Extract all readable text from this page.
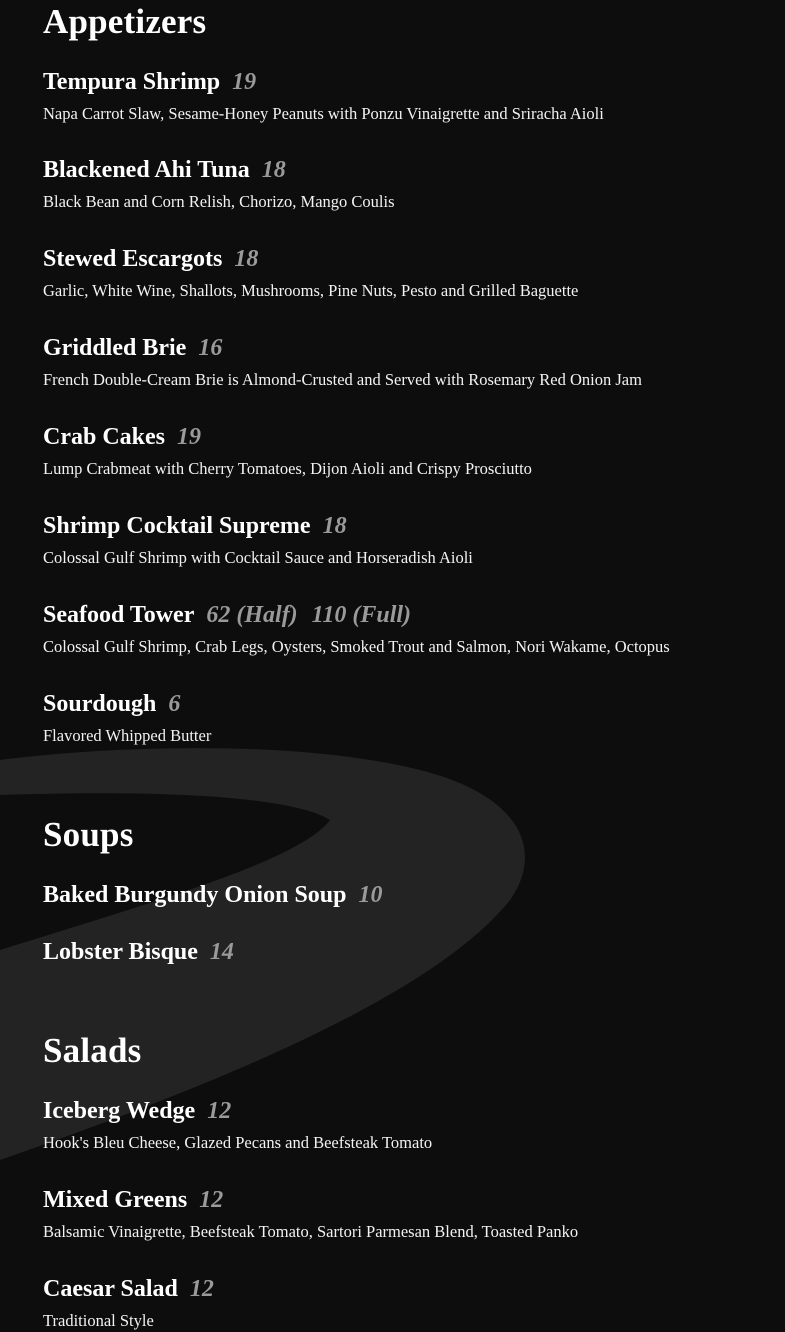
Appetizers
Tempura Shrimp 19
Napa Carrot Slaw, Sesame-Honey Peanuts with Ponzu Vinaigrette and Sriracha Aioli
Blackened Ahi Tuna 18
Black Bean and Corn Relish, Chorizo, Mango Coulis
Stewed Escargots 18
Garlic, White Wine, Shallots, Mushrooms, Pine Nuts, Pesto and Grilled Baguette
Griddled Brie 16
French Double-Cream Brie is Almond-Crusted and Served with Rosemary Red Onion Jam
Crab Cakes 19
Lump Crabmeat with Cherry Tomatoes, Dijon Aioli and Crispy Prosciutto
Shrimp Cocktail Supreme 18
Colossal Gulf Shrimp with Cocktail Sauce and Horseradish Aioli
Seafood Tower 62 (Half) 110 (Full)
Colossal Gulf Shrimp, Crab Legs, Oysters, Smoked Trout and Salmon, Nori Wakame, Octopus
Sourdough 6
Flavored Whipped Butter
Soups
Baked Burgundy Onion Soup 10
Lobster Bisque 14
Salads
Iceberg Wedge 12
Hook's Bleu Cheese, Glazed Pecans and Beefsteak Tomato
Mixed Greens 12
Balsamic Vinaigrette, Beefsteak Tomato, Sartori Parmesan Blend, Toasted Panko
Caesar Salad 12
Traditional Style
